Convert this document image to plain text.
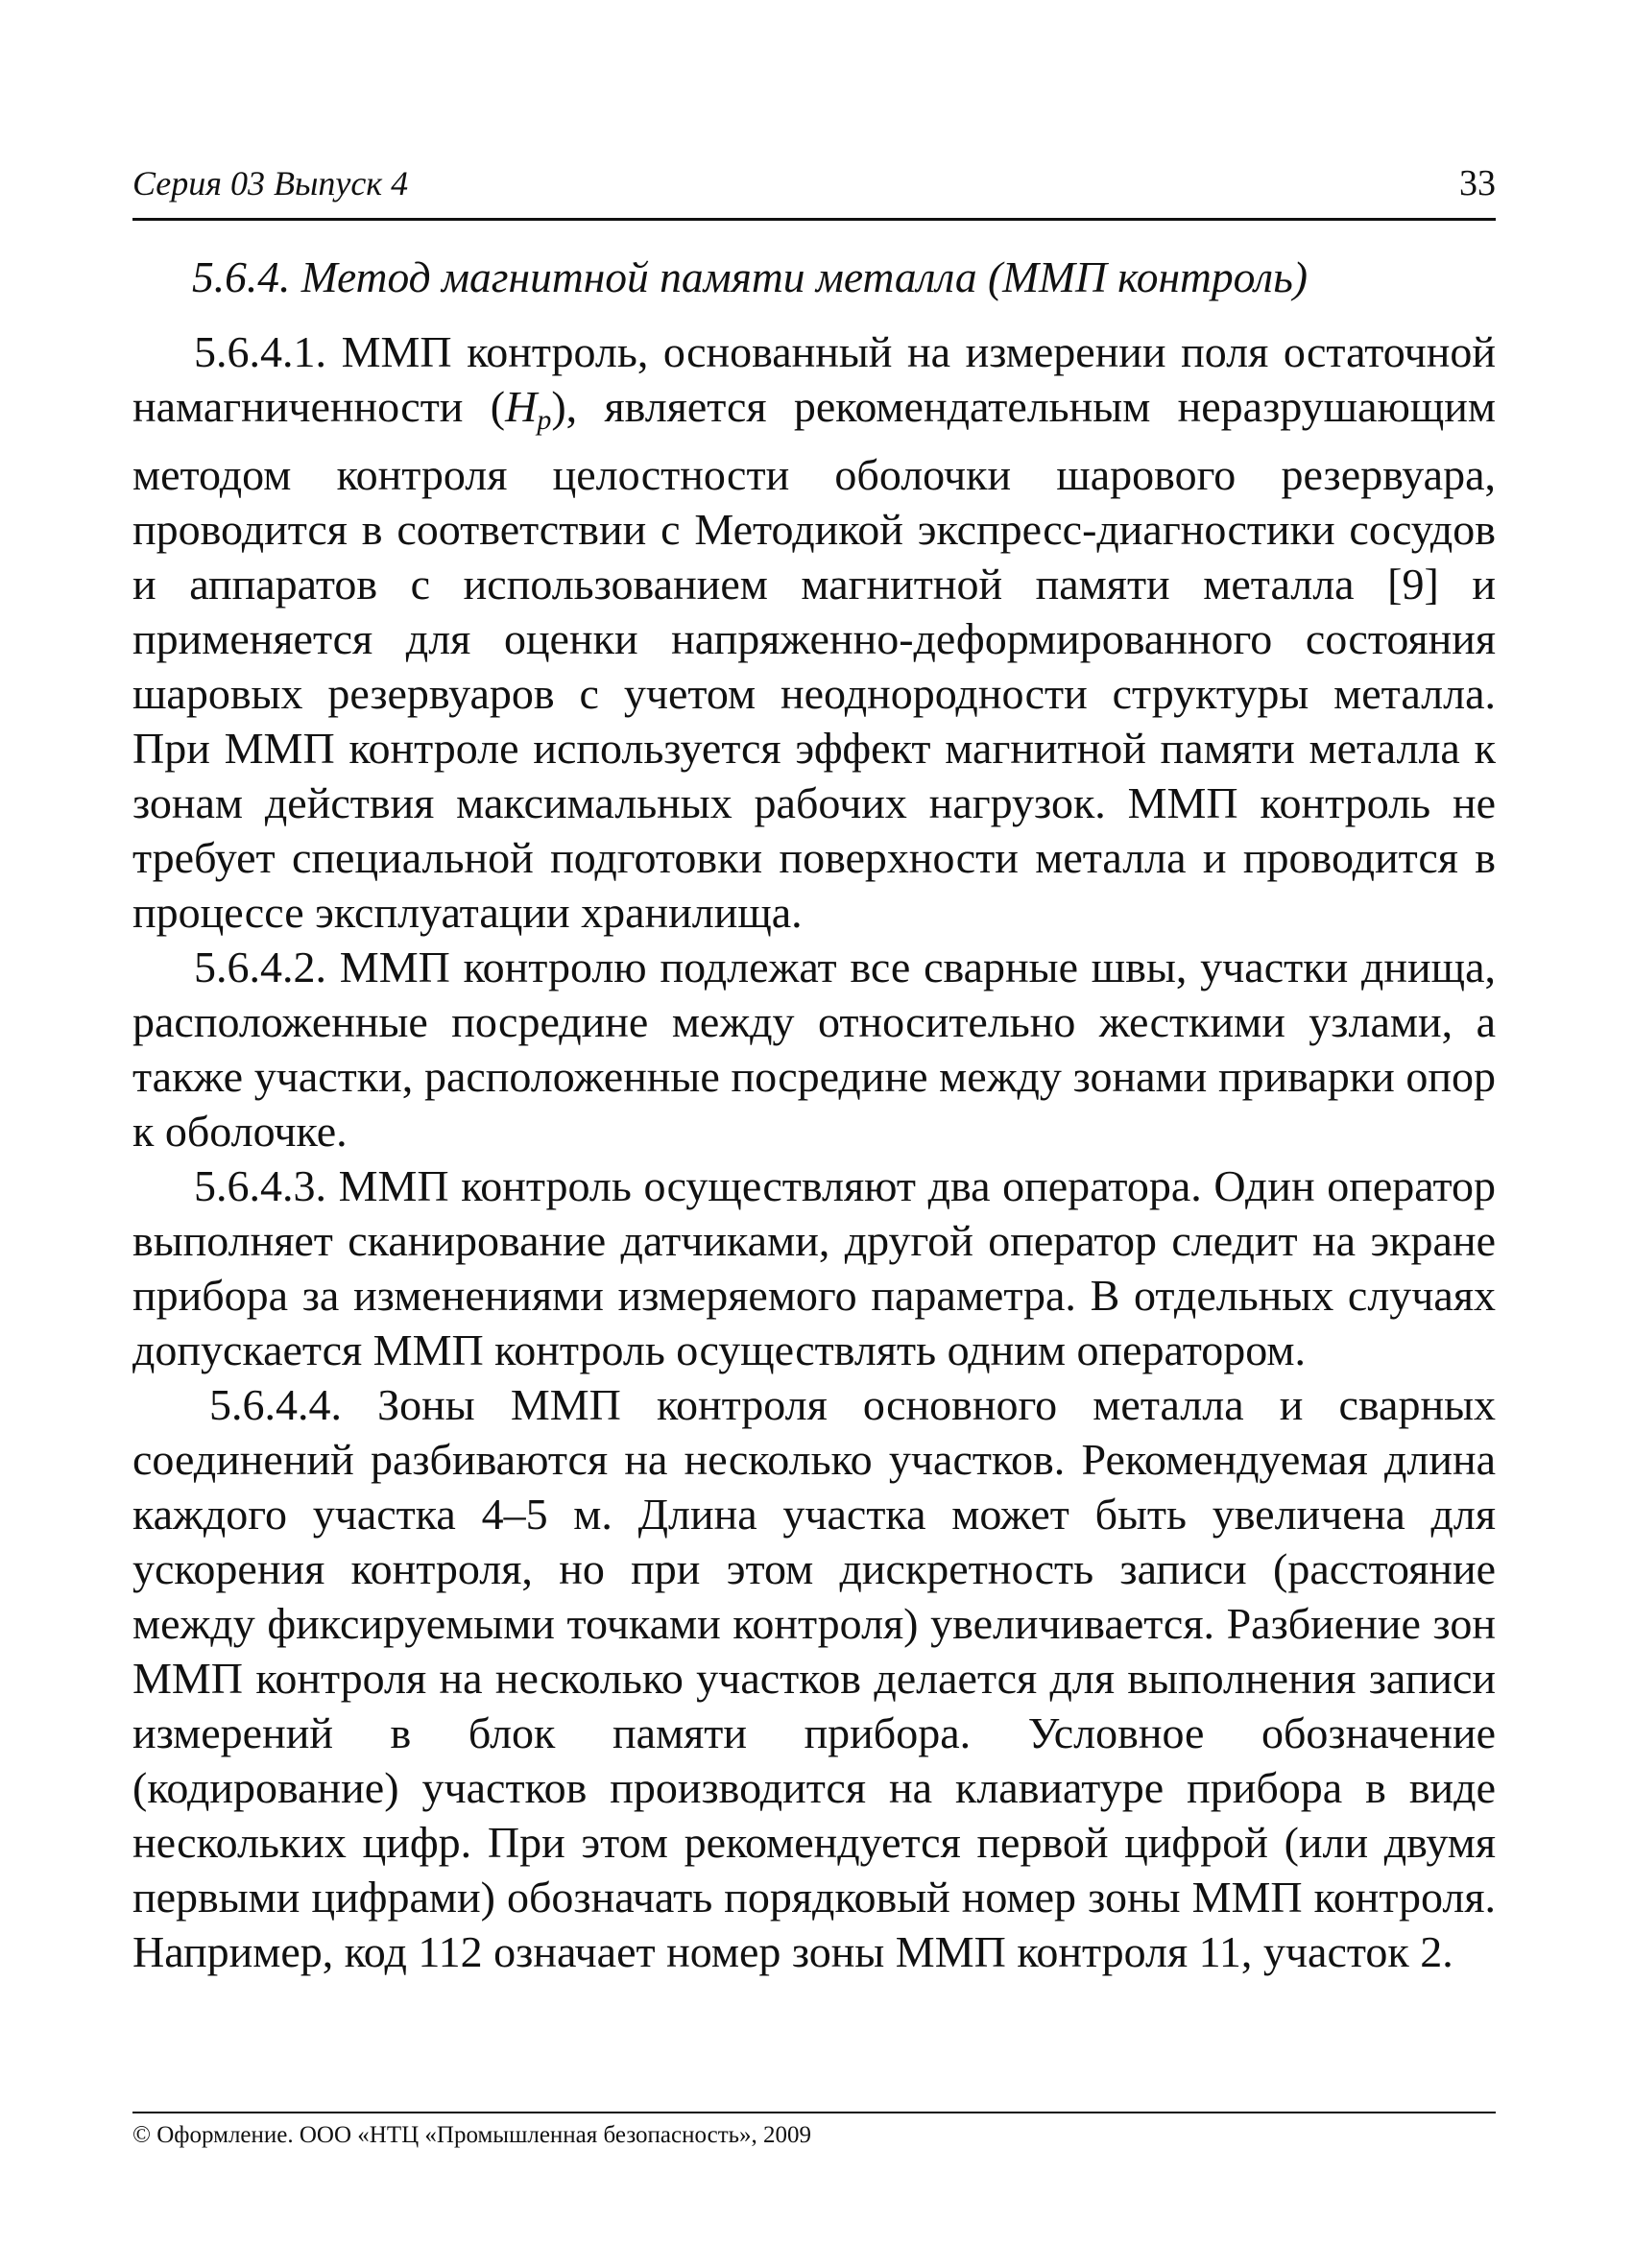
Серия 03 Выпуск 4	33
5.6.4. Метод магнитной памяти металла (ММП контроль)

5.6.4.1. ММП контроль, основанный на измерении поля остаточной намагниченности $(H_p)$, является рекомендательным неразрушающим методом контроля целостности оболочки шарового резервуара, проводится в соответствии с Методикой экспресс-диагностики сосудов и аппаратов с использованием магнитной памяти металла [9] и применяется для оценки напряженно-деформированного состояния шаровых резервуаров с учетом неоднородности структуры металла. При ММП контроле используется эффект магнитной памяти металла к зонам действия максимальных рабочих нагрузок. ММП контроль не требует специальной подготовки поверхности металла и проводится в процессе эксплуатации хранилища.

5.6.4.2. ММП контролю подлежат все сварные швы, участки днища, расположенные посредине между относительно жесткими узлами, а также участки, расположенные посредине между зонами приварки опор к оболочке.

5.6.4.3. ММП контроль осуществляют два оператора. Один оператор выполняет сканирование датчиками, другой оператор следит на экране прибора за изменениями измеряемого параметра. В отдельных случаях допускается ММП контроль осуществлять одним оператором.

5.6.4.4. Зоны ММП контроля основного металла и сварных соединений разбиваются на несколько участков. Рекомендуемая длина каждого участка 4–5 м. Длина участка может быть увеличена для ускорения контроля, но при этом дискретность записи (расстояние между фиксируемыми точками контроля) увеличивается. Разбиение зон ММП контроля на несколько участков делается для выполнения записи измерений в блок памяти прибора. Условное обозначение (кодирование) участков производится на клавиатуре прибора в виде нескольких цифр. При этом рекомендуется первой цифрой (или двумя первыми цифрами) обозначать порядковый номер зоны ММП контроля. Например, код 112 означает номер зоны ММП контроля 11, участок 2.

© Оформление. ООО «НТЦ «Промышленная безопасность», 2009
